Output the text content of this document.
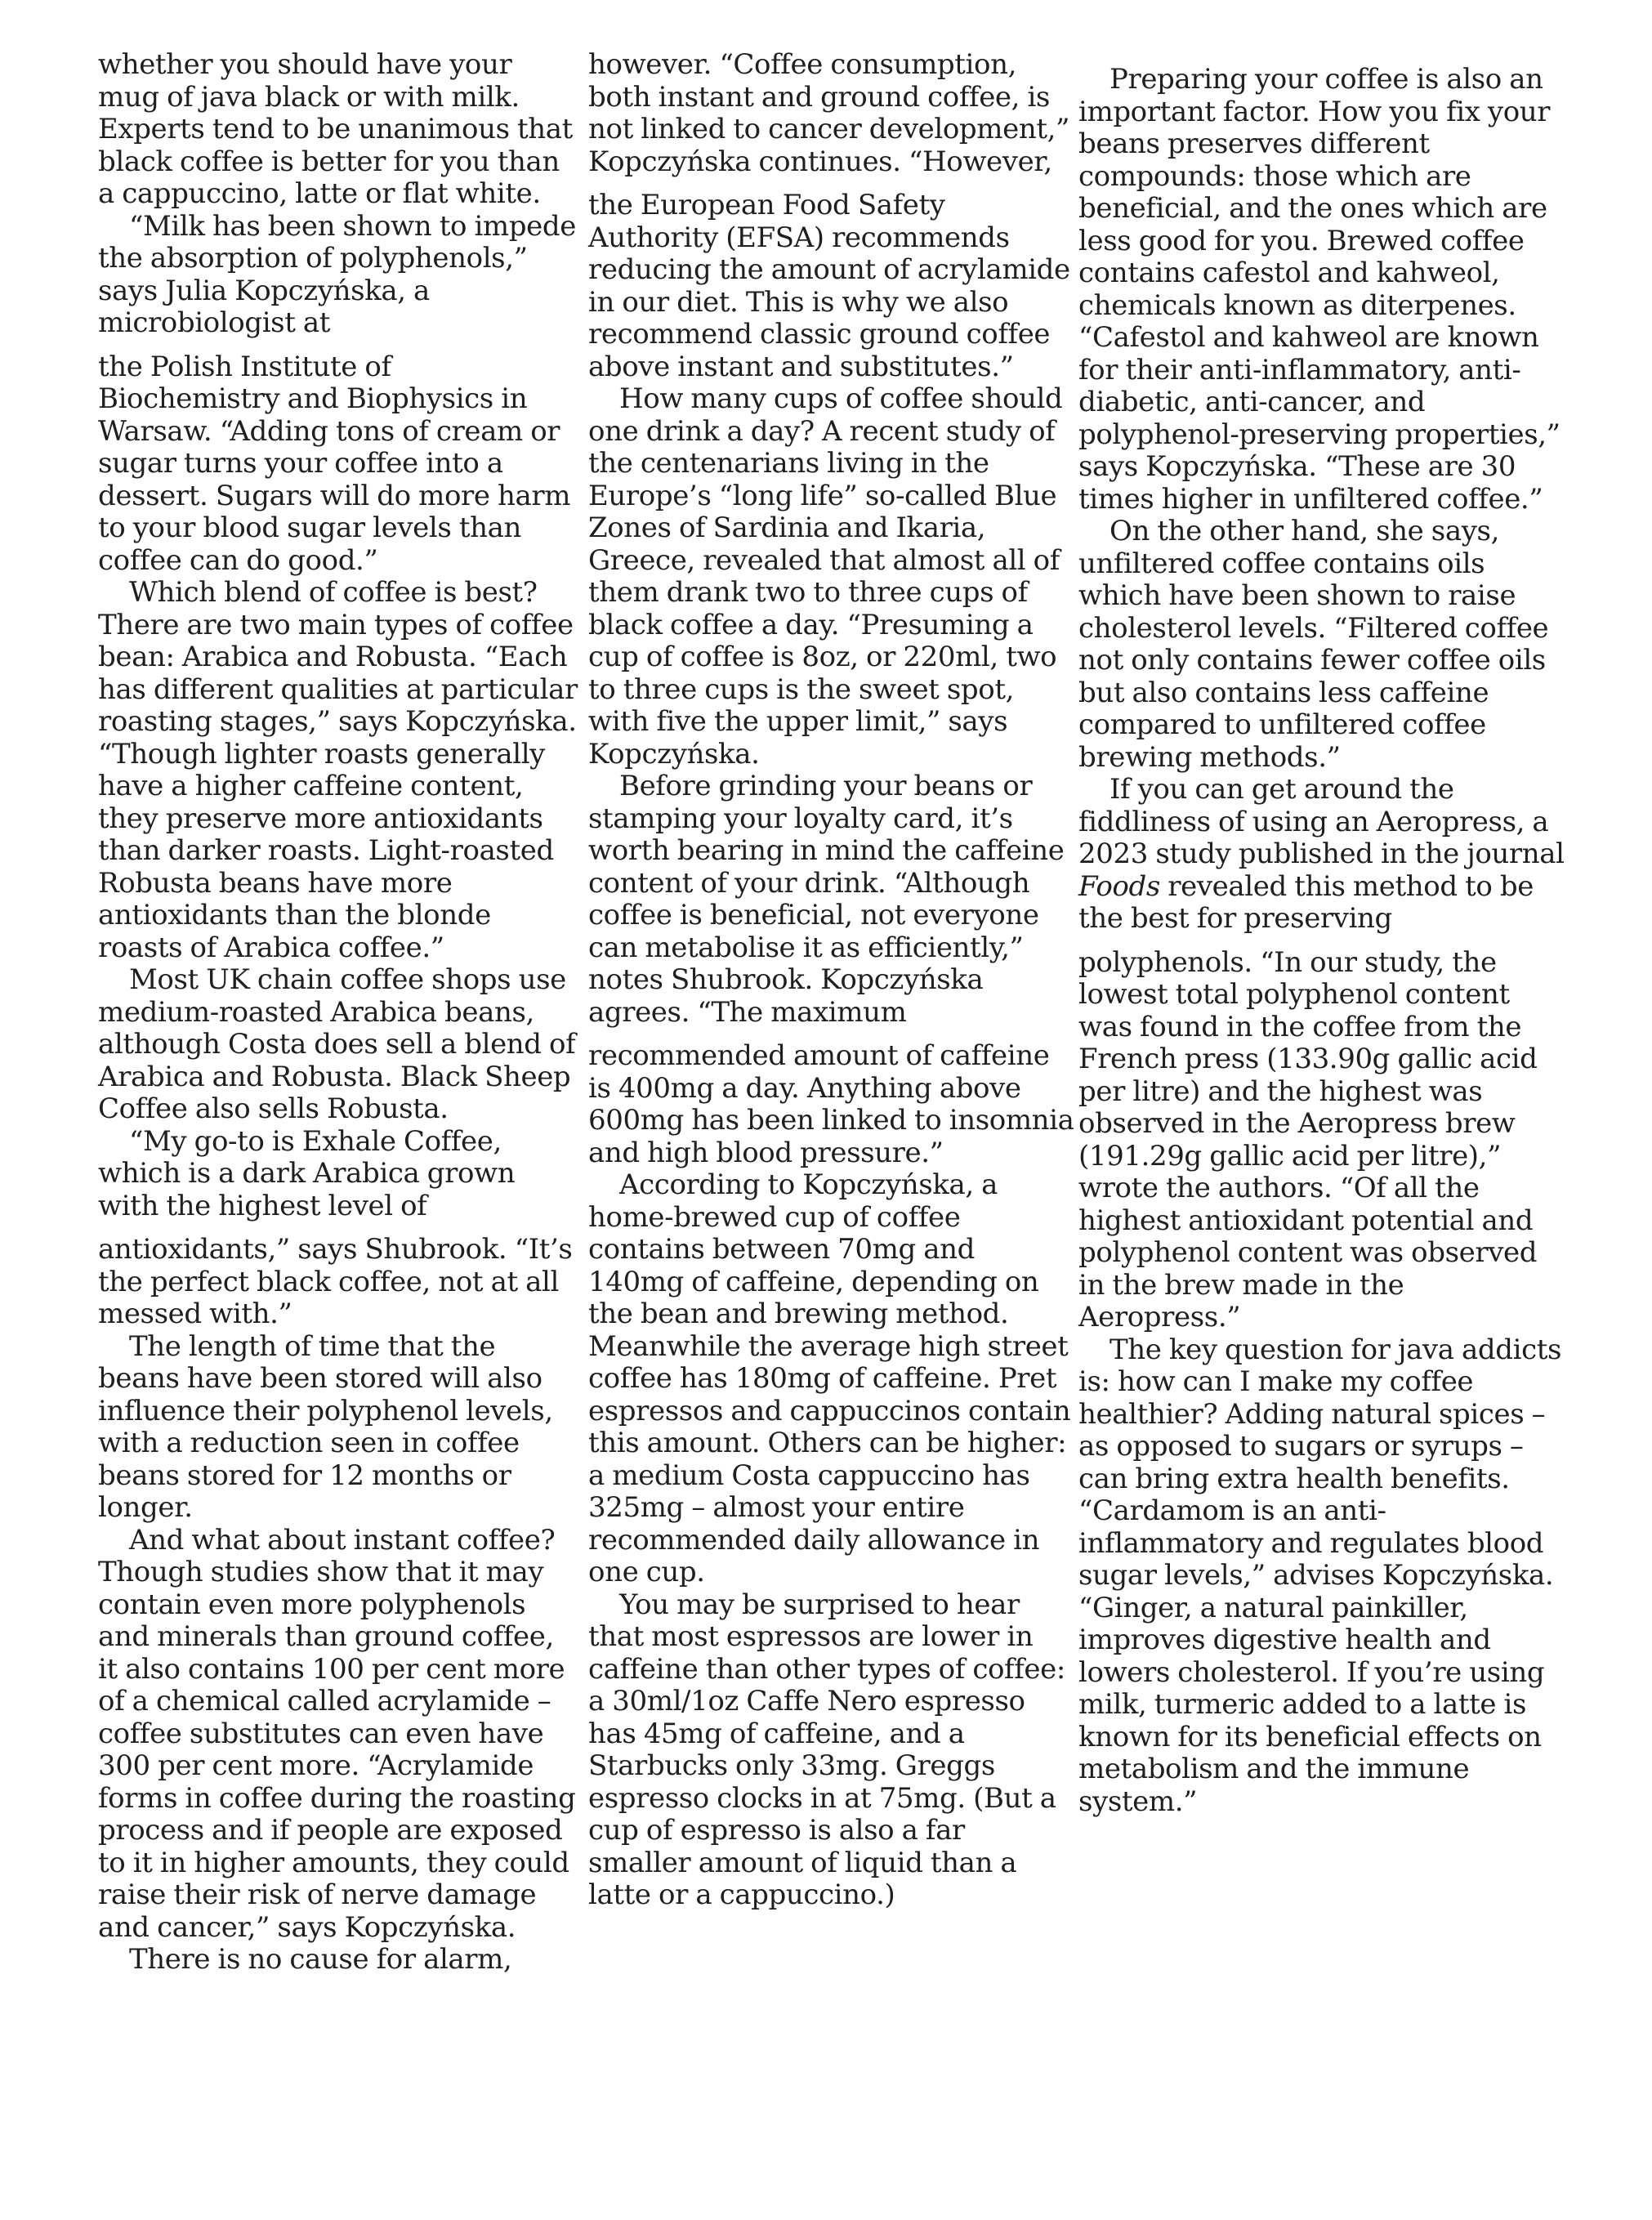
whether you should have your mug of java black or with milk. Experts tend to be unanimous that black coffee is better for you than a cappuccino, latte or flat white.

“Milk has been shown to impede the absorption of polyphenols,” says Julia Kopczyńska, a microbiologist at

the Polish Institute of Biochemistry and Biophysics in Warsaw. “Adding tons of cream or sugar turns your coffee into a dessert. Sugars will do more harm to your blood sugar levels than coffee can do good.”

Which blend of coffee is best? There are two main types of coffee bean: Arabica and Robusta. “Each has different qualities at particular roasting stages,” says Kopczyńska. “Though lighter roasts generally have a higher caffeine content, they preserve more antioxidants than darker roasts. Light-roasted Robusta beans have more antioxidants than the blonde roasts of Arabica coffee.”

Most UK chain coffee shops use medium-roasted Arabica beans, although Costa does sell a blend of Arabica and Robusta. Black Sheep Coffee also sells Robusta.

“My go-to is Exhale Coffee, which is a dark Arabica grown with the highest level of

antioxidants,” says Shubrook. “It’s the perfect black coffee, not at all messed with.”

The length of time that the beans have been stored will also influence their polyphenol levels, with a reduction seen in coffee beans stored for 12 months or longer.

And what about instant coffee? Though studies show that it may contain even more polyphenols and minerals than ground coffee, it also contains 100 per cent more of a chemical called acrylamide – coffee substitutes can even have 300 per cent more. “Acrylamide forms in coffee during the roasting process and if people are exposed to it in higher amounts, they could raise their risk of nerve damage and cancer,” says Kopczyńska.

There is no cause for alarm,

however. “Coffee consumption, both instant and ground coffee, is not linked to cancer development,” Kopczyńska continues. “However,

the European Food Safety Authority (EFSA) recommends reducing the amount of acrylamide in our diet. This is why we also recommend classic ground coffee above instant and substitutes.”

How many cups of coffee should one drink a day? A recent study of the centenarians living in the Europe’s “long life” so-called Blue Zones of Sardinia and Ikaria, Greece, revealed that almost all of them drank two to three cups of black coffee a day. “Presuming a cup of coffee is 8oz, or 220ml, two to three cups is the sweet spot, with five the upper limit,” says Kopczyńska.

Before grinding your beans or stamping your loyalty card, it’s worth bearing in mind the caffeine content of your drink. “Although coffee is beneficial, not everyone can metabolise it as efficiently,” notes Shubrook. Kopczyńska agrees. “The maximum

recommended amount of caffeine is 400mg a day. Anything above 600mg has been linked to insomnia and high blood pressure.”

According to Kopczyńska, a home-brewed cup of coffee contains between 70mg and 140mg of caffeine, depending on the bean and brewing method. Meanwhile the average high street coffee has 180mg of caffeine. Pret espressos and cappuccinos contain this amount. Others can be higher: a medium Costa cappuccino has 325mg – almost your entire recommended daily allowance in one cup.

You may be surprised to hear that most espressos are lower in caffeine than other types of coffee: a 30ml/1oz Caffe Nero espresso has 45mg of caffeine, and a Starbucks only 33mg. Greggs espresso clocks in at 75mg. (But a cup of espresso is also a far smaller amount of liquid than a latte or a cappuccino.)

Preparing your coffee is also an important factor. How you fix your beans preserves different compounds: those which are beneficial, and the ones which are less good for you. Brewed coffee contains cafestol and kahweol, chemicals known as diterpenes. “Cafestol and kahweol are known for their anti-inflammatory, anti-diabetic, anti-cancer, and polyphenol-preserving properties,” says Kopczyńska. “These are 30 times higher in unfiltered coffee.”

On the other hand, she says, unfiltered coffee contains oils which have been shown to raise cholesterol levels. “Filtered coffee not only contains fewer coffee oils but also contains less caffeine compared to unfiltered coffee brewing methods.”

If you can get around the fiddliness of using an Aeropress, a 2023 study published in the journal Foods revealed this method to be the best for preserving

polyphenols. “In our study, the lowest total polyphenol content was found in the coffee from the French press (133.90g gallic acid per litre) and the highest was observed in the Aeropress brew (191.29g gallic acid per litre),” wrote the authors. “Of all the highest antioxidant potential and polyphenol content was observed in the brew made in the Aeropress.”

The key question for java addicts is: how can I make my coffee healthier? Adding natural spices – as opposed to sugars or syrups – can bring extra health benefits. “Cardamom is an anti-inflammatory and regulates blood sugar levels,” advises Kopczyńska. “Ginger, a natural painkiller, improves digestive health and lowers cholesterol. If you’re using milk, turmeric added to a latte is known for its beneficial effects on metabolism and the immune system.”
